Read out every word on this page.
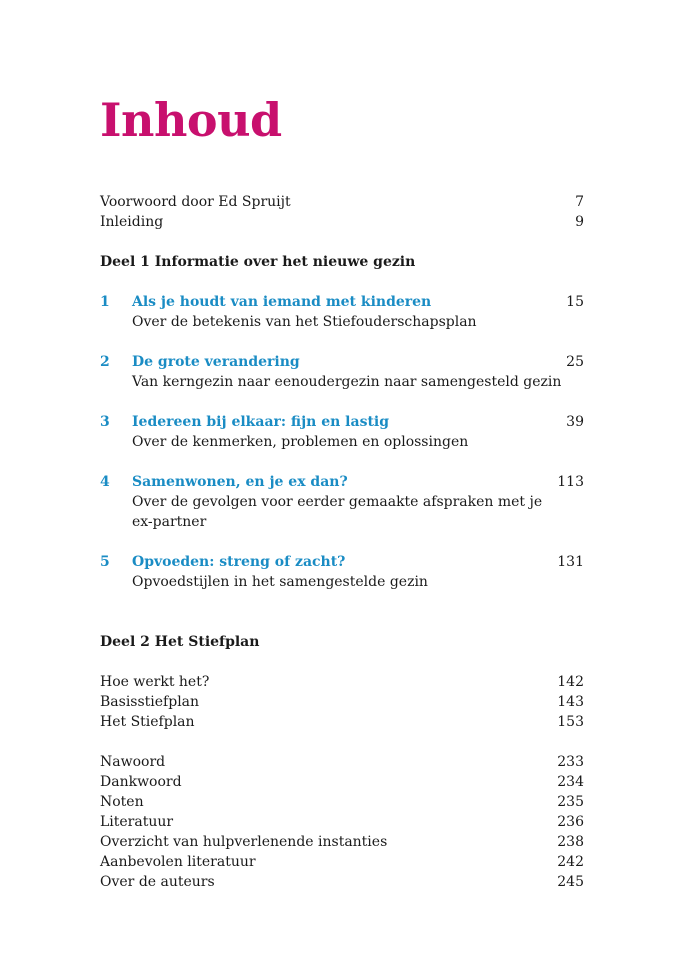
Inhoud
Voorwoord door Ed Spruijt	7
Inleiding	9
Deel 1 Informatie over het nieuwe gezin
1 Als je houdt van iemand met kinderen	15
Over de betekenis van het Stiefouderschapsplan
2 De grote verandering	25
Van kerngezin naar eenoudergezin naar samengesteld gezin
3 Iedereen bij elkaar: fijn en lastig	39
Over de kenmerken, problemen en oplossingen
4 Samenwonen, en je ex dan?	113
Over de gevolgen voor eerder gemaakte afspraken met je ex-partner
5 Opvoeden: streng of zacht?	131
Opvoedstijlen in het samengestelde gezin
Deel 2 Het Stiefplan
Hoe werkt het?	142
Basisstiefplan	143
Het Stiefplan	153
Nawoord	233
Dankwoord	234
Noten	235
Literatuur	236
Overzicht van hulpverlenende instanties	238
Aanbevolen literatuur	242
Over de auteurs	245
